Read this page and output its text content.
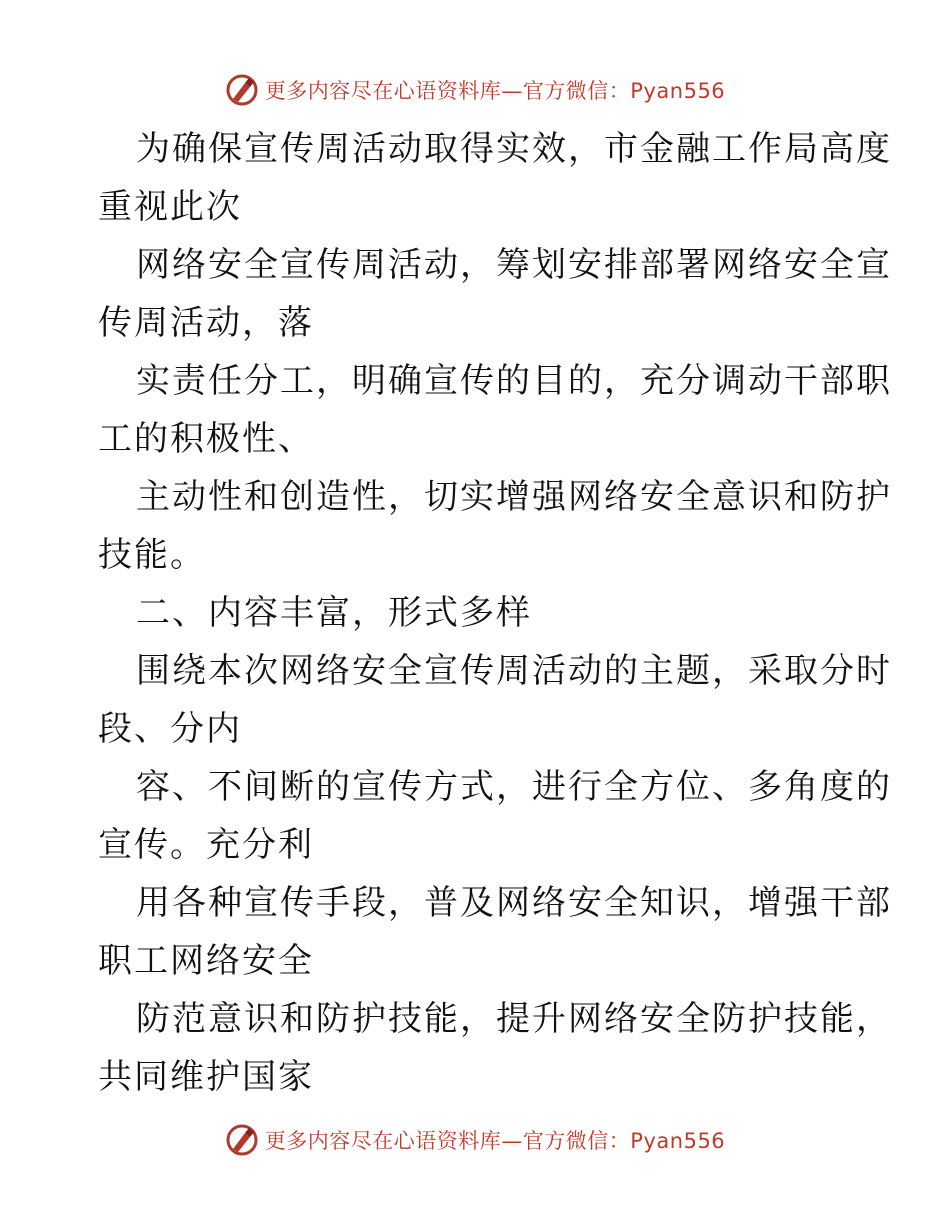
更多内容尽在心语资料库—官方微信：Pyan556
为确保宣传周活动取得实效，市金融工作局高度
重视此次
网络安全宣传周活动，筹划安排部署网络安全宣
传周活动，落
实责任分工，明确宣传的目的，充分调动干部职
工的积极性、
主动性和创造性，切实增强网络安全意识和防护
技能。
二、内容丰富，形式多样
围绕本次网络安全宣传周活动的主题，采取分时
段、分内
容、不间断的宣传方式，进行全方位、多角度的
宣传。充分利
用各种宣传手段，普及网络安全知识，增强干部
职工网络安全
防范意识和防护技能，提升网络安全防护技能，
共同维护国家
更多内容尽在心语资料库—官方微信：Pyan556
